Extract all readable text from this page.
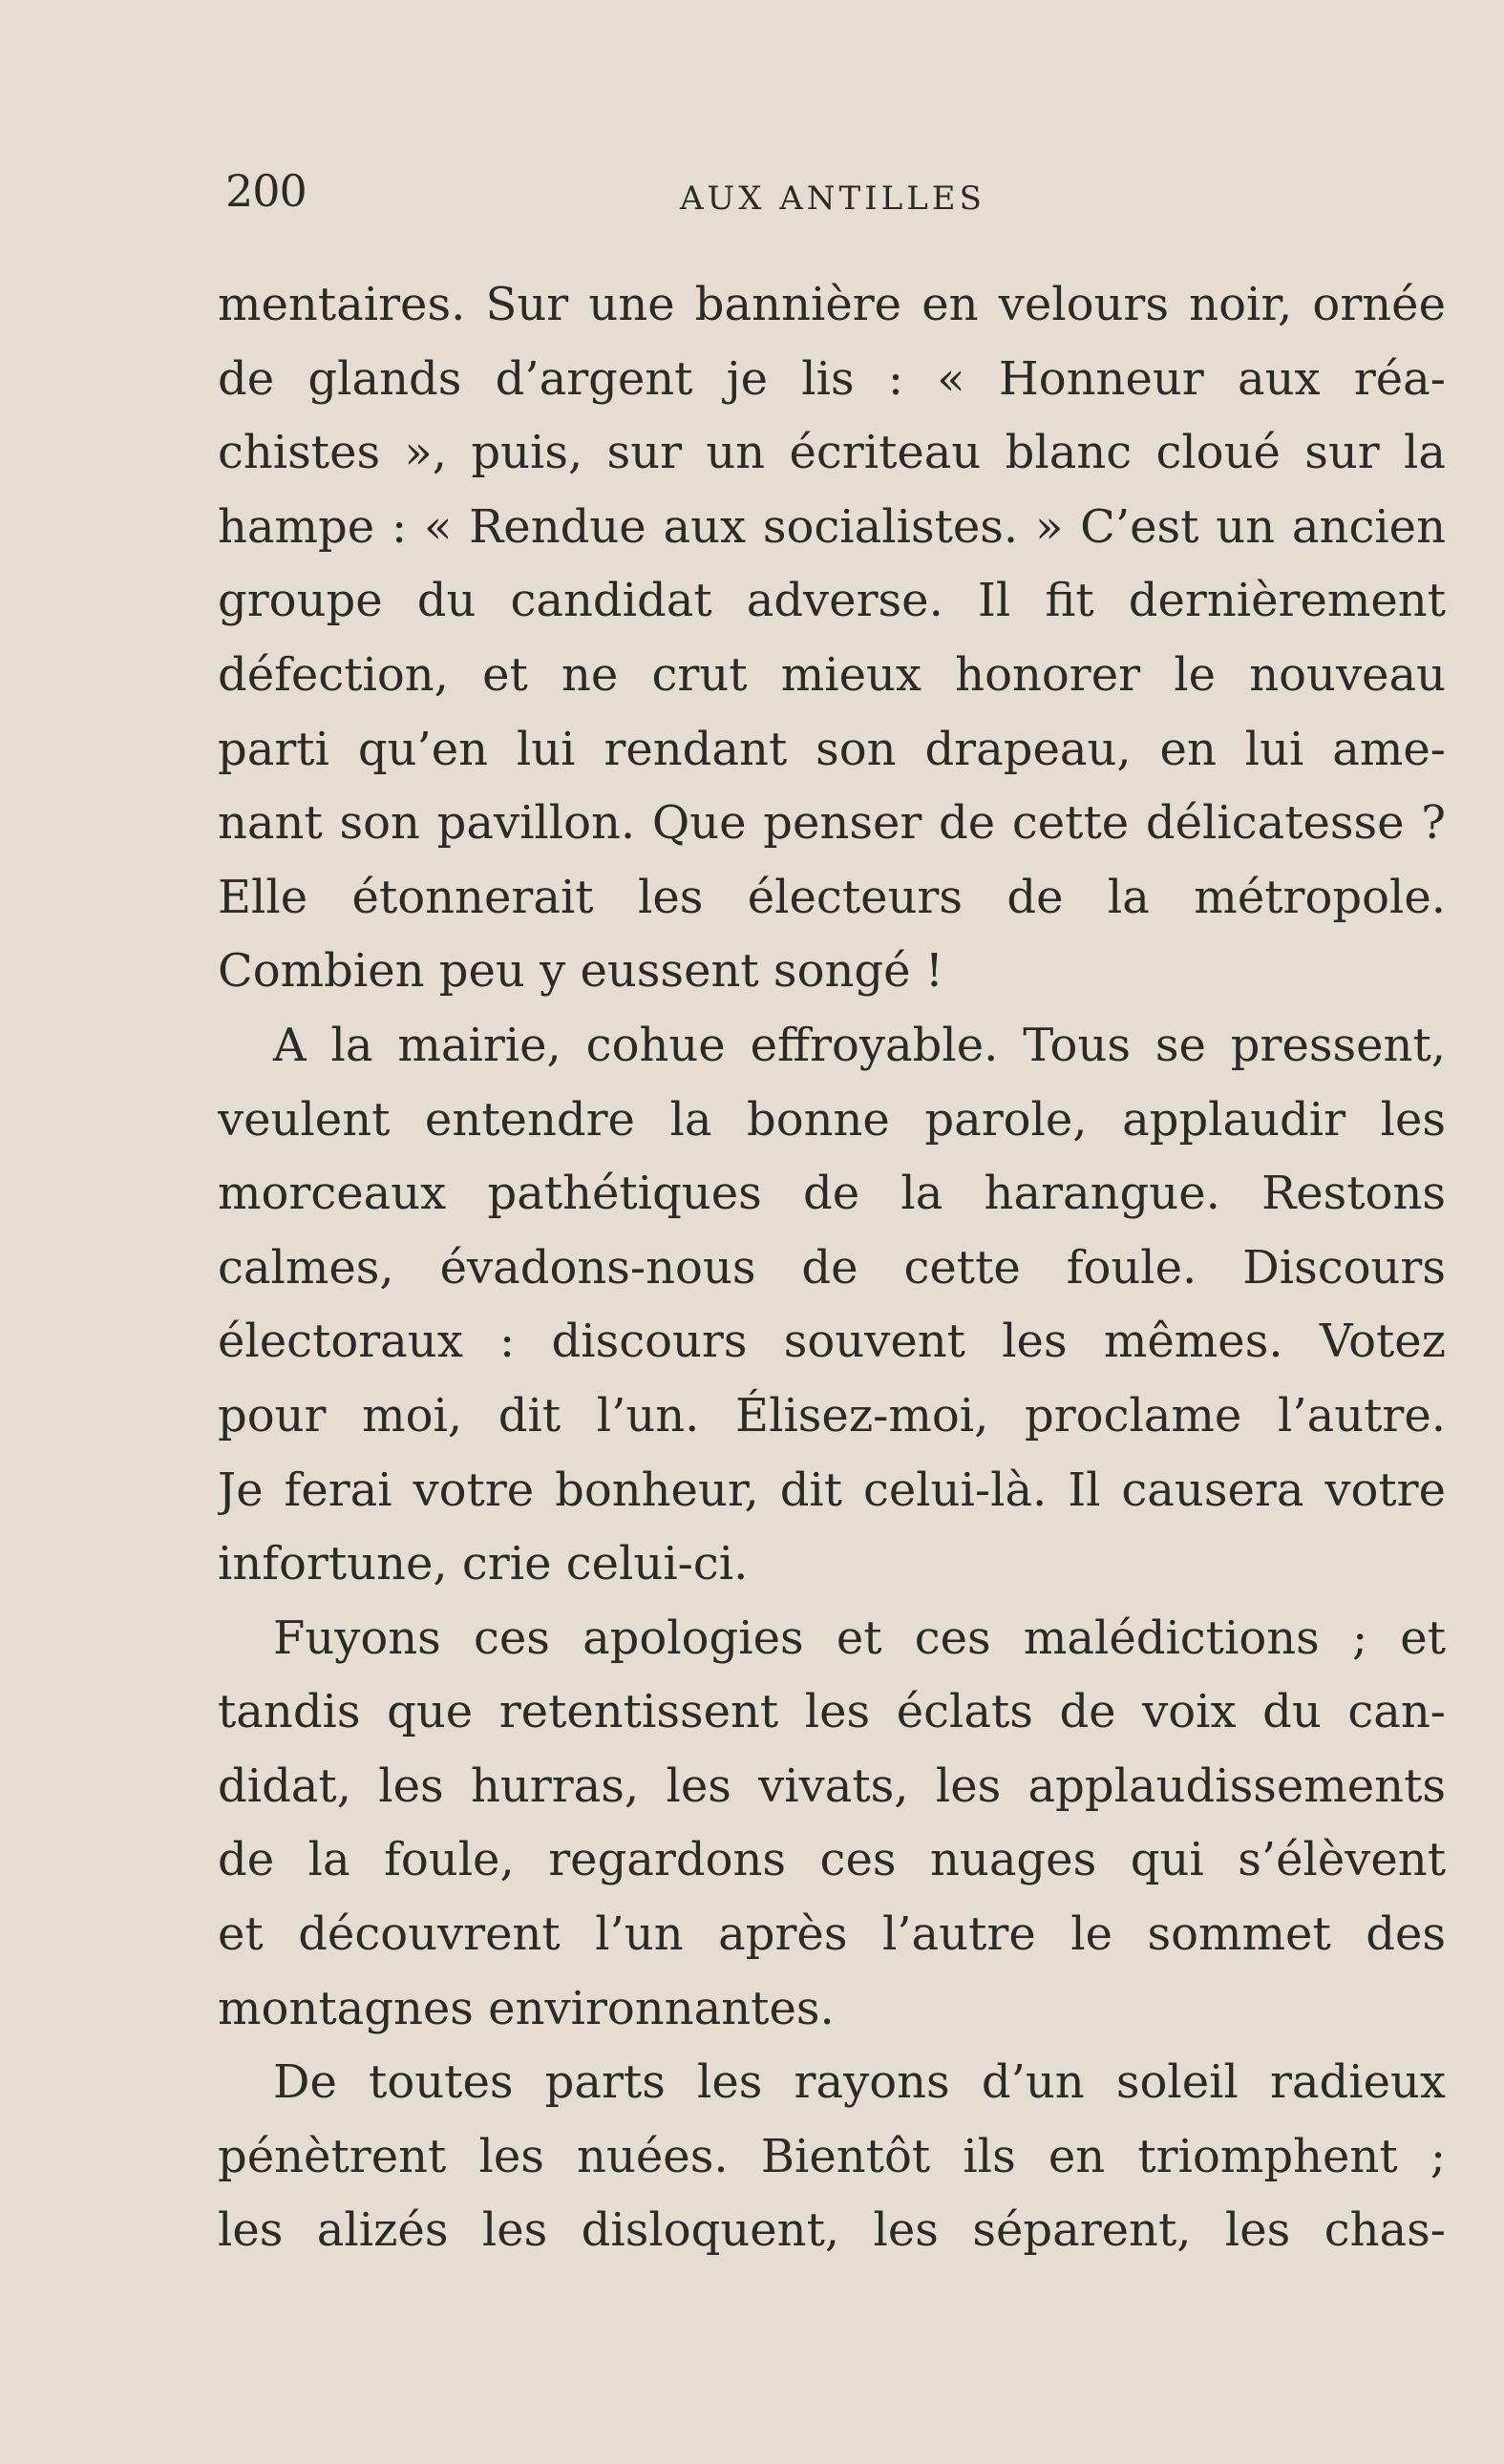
200	AUX ANTILLES
mentaires. Sur une bannière en velours noir, ornée
de glands d’argent je lis : « Honneur aux réa-
chistes », puis, sur un écriteau blanc cloué sur la
hampe : « Rendue aux socialistes. » C’est un ancien
groupe du candidat adverse. Il fit dernièrement
défection, et ne crut mieux honorer le nouveau
parti qu’en lui rendant son drapeau, en lui ame-
nant son pavillon. Que penser de cette délicatesse ?
Elle étonnerait les électeurs de la métropole.
Combien peu y eussent songé !
A la mairie, cohue effroyable. Tous se pressent,
veulent entendre la bonne parole, applaudir les
morceaux pathétiques de la harangue. Restons
calmes, évadons-nous de cette foule. Discours
électoraux : discours souvent les mêmes. Votez
pour moi, dit l’un. Élisez-moi, proclame l’autre.
Je ferai votre bonheur, dit celui-là. Il causera votre
infortune, crie celui-ci.
Fuyons ces apologies et ces malédictions ; et
tandis que retentissent les éclats de voix du can-
didat, les hurras, les vivats, les applaudissements
de la foule, regardons ces nuages qui s’élèvent
et découvrent l’un après l’autre le sommet des
montagnes environnantes.
De toutes parts les rayons d’un soleil radieux
pénètrent les nuées. Bientôt ils en triomphent ;
les alizés les disloquent, les séparent, les chas-
